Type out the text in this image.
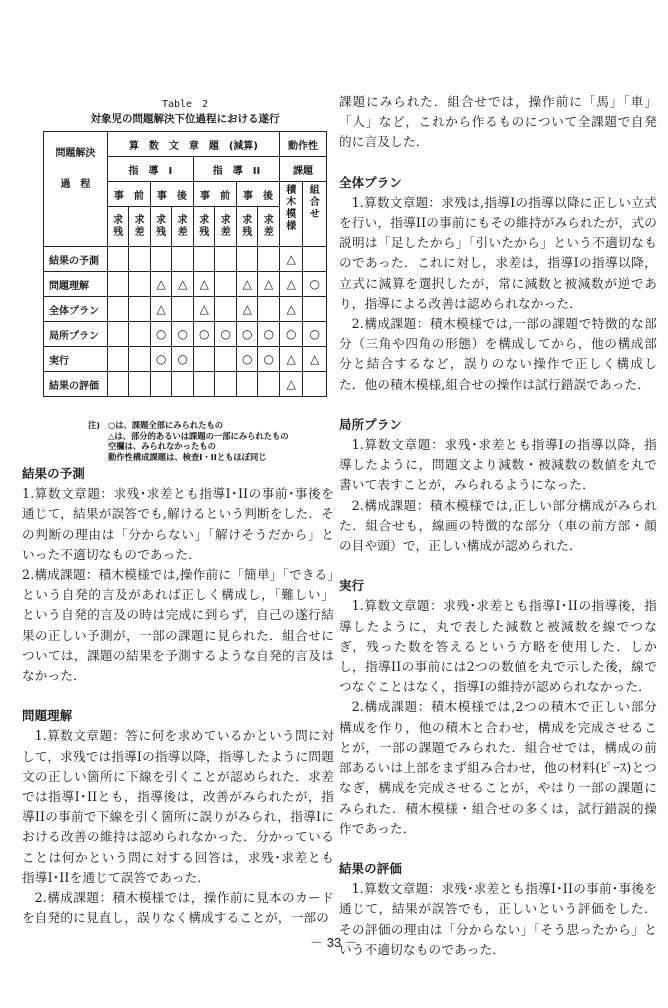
Table　2
対象児の問題解決下位過程における遂行
問題解決
過　程	算　数　文　章　題　(減算)								動作性	
	指　導　I				指　導　II				課題	
	事　前		事　後		事　前		事　後		積木模様	組合せ
	求残	求差	求残	求差	求残	求差	求残	求差		
結果の予測									△	
問題理解			△	△	△		△	△	△	○
全体プラン			△		△		△		△	
局所プラン			○	○	○	○	○	○	○	○
実行			○	○			○	○	△	△
結果の評価									△	
注) ○は、課題全部にみられたもの
△は、部分的あるいは課題の一部にみられたもの
空欄は、みられなかったもの
動作性構成課題は、検査I・IIともほぼ同じ
結果の予測

1.算数文章題：求残･求差とも指導I･IIの事前･事後を通じて，結果が誤答でも,解けるという判断をした．その判断の理由は「分からない」「解けそうだから」といった不適切なものであった．

2.構成課題：積木模様では,操作前に「簡単」「できる」という自発的言及があれば正しく構成し，「難しい」という自発的言及の時は完成に到らず，自己の遂行結果の正しい予測が，一部の課題に見られた．組合せについては，課題の結果を予測するような自発的言及はなかった．

問題理解

1.算数文章題：答に何を求めているかという問に対して，求残では指導Iの指導以降，指導したように問題文の正しい箇所に下線を引くことが認められた．求差では指導I･IIとも，指導後は，改善がみられたが，指導IIの事前で下線を引く箇所に誤りがみられ，指導Iにおける改善の維持は認められなかった．分かっていることは何かという問に対する回答は，求残･求差とも指導I･IIを通じて誤答であった．

2.構成課題：積木模様では，操作前に見本のカードを自発的に見直し，誤りなく構成することが，一部の

課題にみられた．組合せでは，操作前に「馬」「車」「人」など，これから作るものについて全課題で自発的に言及した．

全体プラン

1.算数文章題：求残は,指導Iの指導以降に正しい立式を行い，指導IIの事前にもその維持がみられたが，式の説明は「足したから」「引いたから」という不適切なものであった．これに対し，求差は，指導Iの指導以降，立式に減算を選択したが，常に減数と被減数が逆であり，指導による改善は認められなかった．

2.構成課題：積木模様では,一部の課題で特徴的な部分（三角や四角の形態）を構成してから，他の構成部分と結合するなど，誤りのない操作で正しく構成した．他の積木模様,組合せの操作は試行錯誤であった．

局所プラン

1.算数文章題：求残･求差とも指導Iの指導以降，指導したように，問題文より減数・被減数の数値を丸で書いて表すことが，みられるようになった．

2.構成課題：積木模様では,正しい部分構成がみられた．組合せも，線画の特徴的な部分（車の前方部・顔の目や頭）で，正しい構成が認められた．

実行

1.算数文章題：求残･求差とも指導I･IIの指導後，指導したように，丸で表した減数と被減数を線でつなぎ，残った数を答えるという方略を使用した．しかし，指導IIの事前には2つの数値を丸で示した後，線でつなぐことはなく，指導Iの維持が認められなかった．

2.構成課題：積木模様では,2つの積木で正しい部分構成を作り，他の積木と合わせ，構成を完成させることが，一部の課題でみられた．組合せでは，構成の前部あるいは上部をまず組み合わせ，他の材料(ﾋﾟｰｽ)とつなぎ，構成を完成させることが，やはり一部の課題にみられた．積木模様・組合せの多くは，試行錯誤的操作であった．

結果の評価

1.算数文章題：求残･求差とも指導I･IIの事前･事後を通じて，結果が誤答でも，正しいという評価をした．その評価の理由は「分からない」「そう思ったから」という不適切なものであった．

－ 33 －
